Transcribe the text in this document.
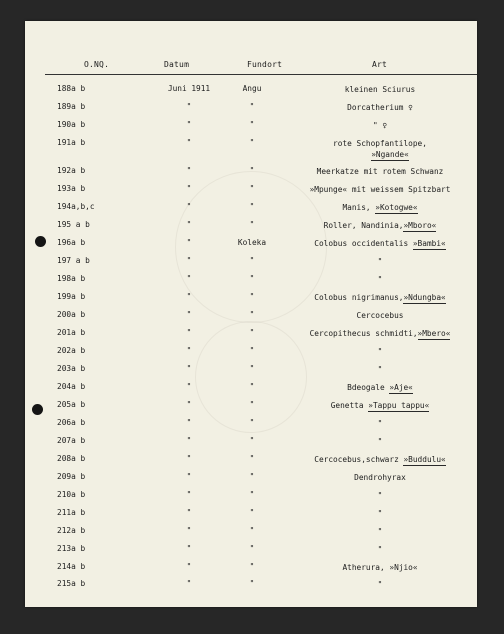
O.NQ.	Datum	Fundort	Art
188a b	Juni 1911	Angu	kleinen Sciurus
189a b	"	"	Dorcatherium ♀
190a b	"	"	" ♀
191a b	"	"	rote Schopfantilope,
»Ngande«
192a b	"	"	Meerkatze mit rotem Schwanz
193a b	"	"	»Mpunge« mit weissem Spitzbart
194a,b,c	"	"	Manis, »Kotogwe«
195 a b	"	"	Roller, Nandinia,»Mboro«
196a b	"	Koleka	Colobus occidentalis »Bambi«
197 a b	"	"	"
198a b	"	"	"
199a b	"	"	Colobus nigrimanus,»Ndungba«
200a b	"	"	Cercocebus
201a b	"	"	Cercopithecus schmidti,»Mbero«
202a b	"	"	"
203a b	"	"	"
204a b	"	"	Bdeogale »Aje«
205a b	"	"	Genetta »Tappu tappu«
206a b	"	"	"
207a b	"	"	"
208a b	"	"	Cercocebus,schwarz »Buddulu«
209a b	"	"	Dendrohyrax
210a b	"	"	"
211a b	"	"	"
212a b	"	"	"
213a b	"	"	"
214a b	"	"	Atherura, »Njio«
215a b	"	"	"
